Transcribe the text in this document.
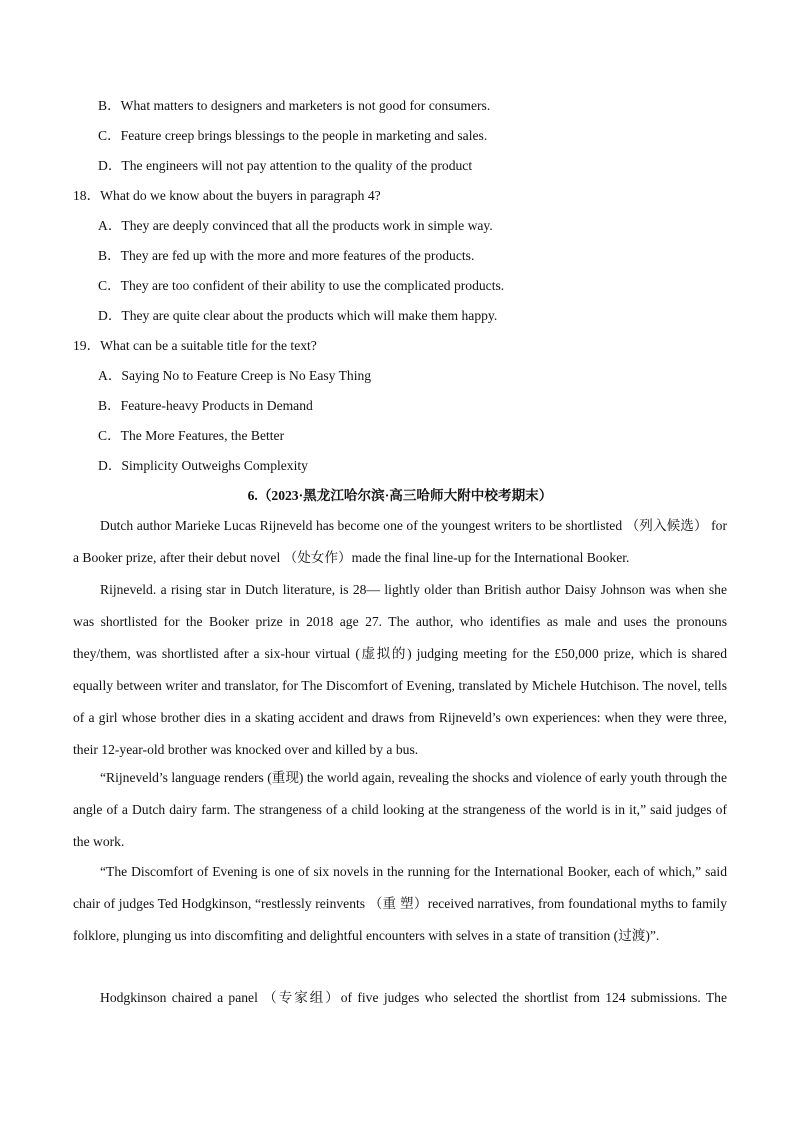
B．What matters to designers and marketers is not good for consumers.
C．Feature creep brings blessings to the people in marketing and sales.
D．The engineers will not pay attention to the quality of the product
18．What do we know about the buyers in paragraph 4?
A．They are deeply convinced that all the products work in simple way.
B．They are fed up with the more and more features of the products.
C．They are too confident of their ability to use the complicated products.
D．They are quite clear about the products which will make them happy.
19．What can be a suitable title for the text?
A．Saying No to Feature Creep is No Easy Thing
B．Feature-heavy Products in Demand
C．The More Features, the Better
D．Simplicity Outweighs Complexity
6.（2023·黑龙江哈尔滨·高三哈师大附中校考期末）
Dutch author Marieke Lucas Rijneveld has become one of the youngest writers to be shortlisted （列入候选） for a Booker prize, after their debut novel （处女作）made the final line-up for the International Booker.
Rijneveld. a rising star in Dutch literature, is 28— lightly older than British author Daisy Johnson was when she was shortlisted for the Booker prize in 2018 age 27. The author, who identifies as male and uses the pronouns they/them, was shortlisted after a six-hour virtual (虚拟的) judging meeting for the £50,000 prize, which is shared equally between writer and translator, for The Discomfort of Evening, translated by Michele Hutchison. The novel, tells of a girl whose brother dies in a skating accident and draws from Rijneveld’s own experiences: when they were three, their 12-year-old brother was knocked over and killed by a bus.
“Rijneveld’s language renders (重现) the world again, revealing the shocks and violence of early youth through the angle of a Dutch dairy farm. The strangeness of a child looking at the strangeness of the world is in it,” said judges of the work.
“The Discomfort of Evening is one of six novels in the running for the International Booker, each of which,” said chair of judges Ted Hodgkinson, “restlessly reinvents （重 塑）received narratives, from foundational myths to family folklore, plunging us into discomfiting and delightful encounters with selves in a state of transition (过渡)”.
Hodgkinson chaired a panel （专家组）of five judges who selected the shortlist from 124 submissions. The
